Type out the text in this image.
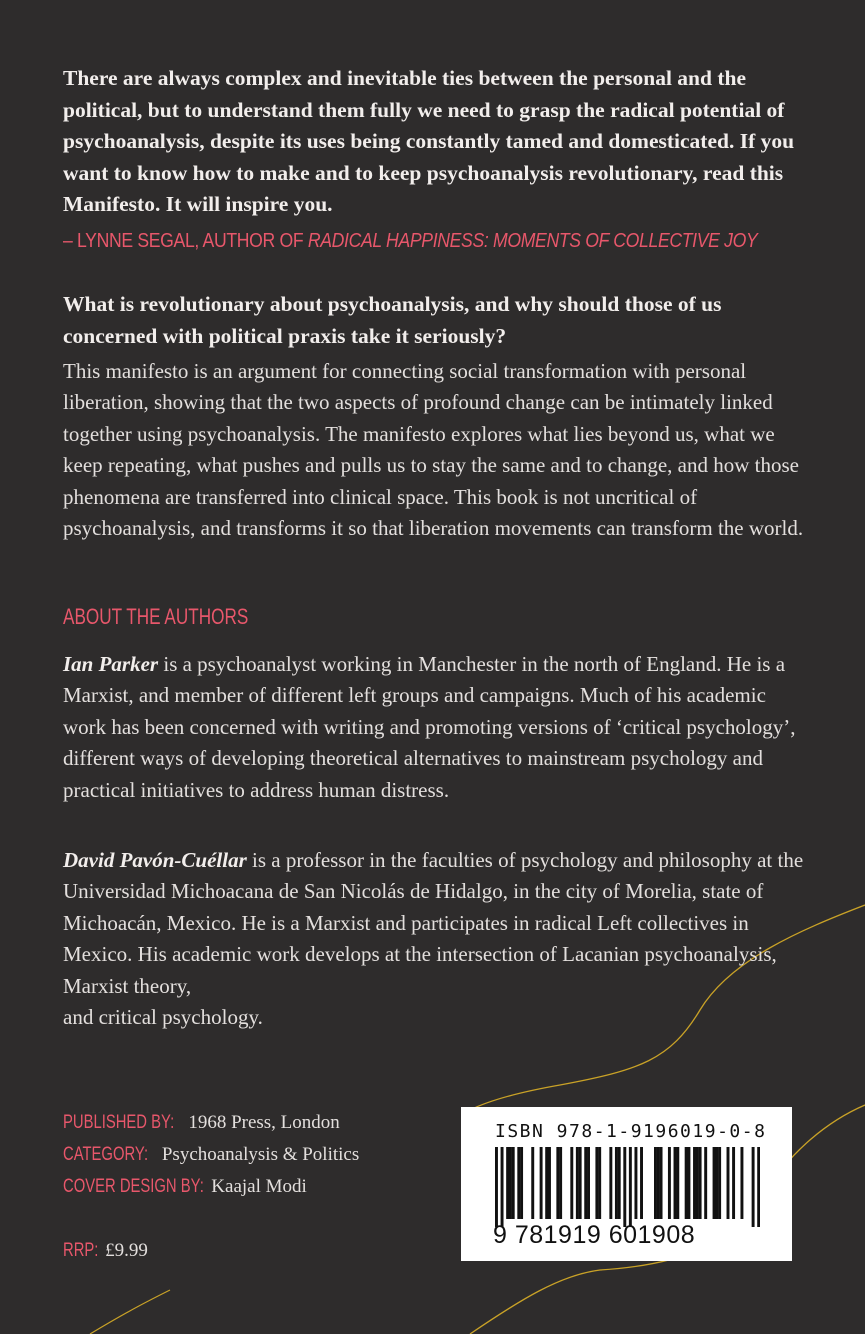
There are always complex and inevitable ties between the personal and the political, but to understand them fully we need to grasp the radical potential of psychoanalysis, despite its uses being constantly tamed and domesticated. If you want to know how to make and to keep psychoanalysis revolutionary, read this Manifesto. It will inspire you.
– LYNNE SEGAL, AUTHOR OF RADICAL HAPPINESS: MOMENTS OF COLLECTIVE JOY
What is revolutionary about psychoanalysis, and why should those of us concerned with political praxis take it seriously?
This manifesto is an argument for connecting social transformation with personal liberation, showing that the two aspects of profound change can be intimately linked together using psychoanalysis. The manifesto explores what lies beyond us, what we keep repeating, what pushes and pulls us to stay the same and to change, and how those phenomena are transferred into clinical space. This book is not uncritical of psychoanalysis, and transforms it so that liberation movements can transform the world.
ABOUT THE AUTHORS
Ian Parker is a psychoanalyst working in Manchester in the north of England. He is a Marxist, and member of different left groups and campaigns. Much of his academic work has been concerned with writing and promoting versions of ‘critical psychology’, different ways of developing theoretical alternatives to mainstream psychology and practical initiatives to address human distress.
David Pavón-Cuéllar is a professor in the faculties of psychology and philosophy at the Universidad Michoacana de San Nicolás de Hidalgo, in the city of Morelia, state of Michoacán, Mexico. He is a Marxist and participates in radical Left collectives in Mexico. His academic work develops at the intersection of Lacanian psychoanalysis, Marxist theory,
and critical psychology.
PUBLISHED BY: 1968 Press, London
CATEGORY: Psychoanalysis & Politics
COVER DESIGN BY: Kaajal Modi
RRP: £9.99
ISBN 978-1-9196019-0-8
9 781919 601908
